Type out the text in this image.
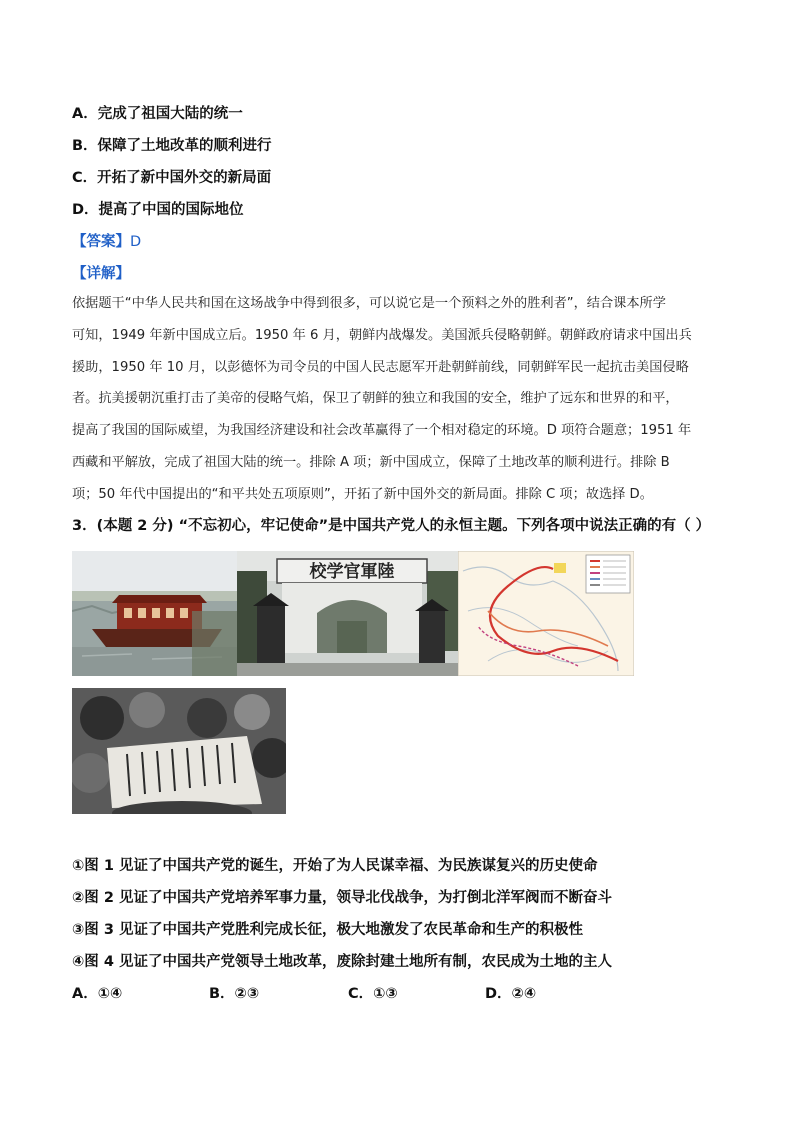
A．完成了祖国大陆的统一
B．保障了土地改革的顺利进行
C．开拓了新中国外交的新局面
D．提高了中国的国际地位
【答案】D
【详解】
依据题干“中华人民共和国在这场战争中得到很多，可以说它是一个预料之外的胜利者”，结合课本所学
可知，1949 年新中国成立后。1950 年 6 月，朝鲜内战爆发。美国派兵侵略朝鲜。朝鲜政府请求中国出兵
援助，1950 年 10 月，以彭德怀为司令员的中国人民志愿军开赴朝鲜前线，同朝鲜军民一起抗击美国侵略
者。抗美援朝沉重打击了美帝的侵略气焰，保卫了朝鲜的独立和我国的安全，维护了远东和世界的和平，
提高了我国的国际威望，为我国经济建设和社会改革赢得了一个相对稳定的环境。D 项符合题意；1951 年
西藏和平解放，完成了祖国大陆的统一。排除 A 项；新中国成立，保障了土地改革的顺利进行。排除 B
项；50 年代中国提出的“和平共处五项原则”，开拓了新中国外交的新局面。排除 C 项；故选择 D。
3．(本题 2 分) “不忘初心，牢记使命”是中国共产党人的永恒主题。下列各项中说法正确的有（ ）
校学官軍陸
①图 1 见证了中国共产党的诞生，开始了为人民谋幸福、为民族谋复兴的历史使命
②图 2 见证了中国共产党培养军事力量，领导北伐战争，为打倒北洋军阀而不断奋斗
③图 3 见证了中国共产党胜利完成长征，极大地激发了农民革命和生产的积极性
④图 4 见证了中国共产党领导土地改革，废除封建土地所有制，农民成为土地的主人
A．①④	B．②③	C．①③	D．②④
